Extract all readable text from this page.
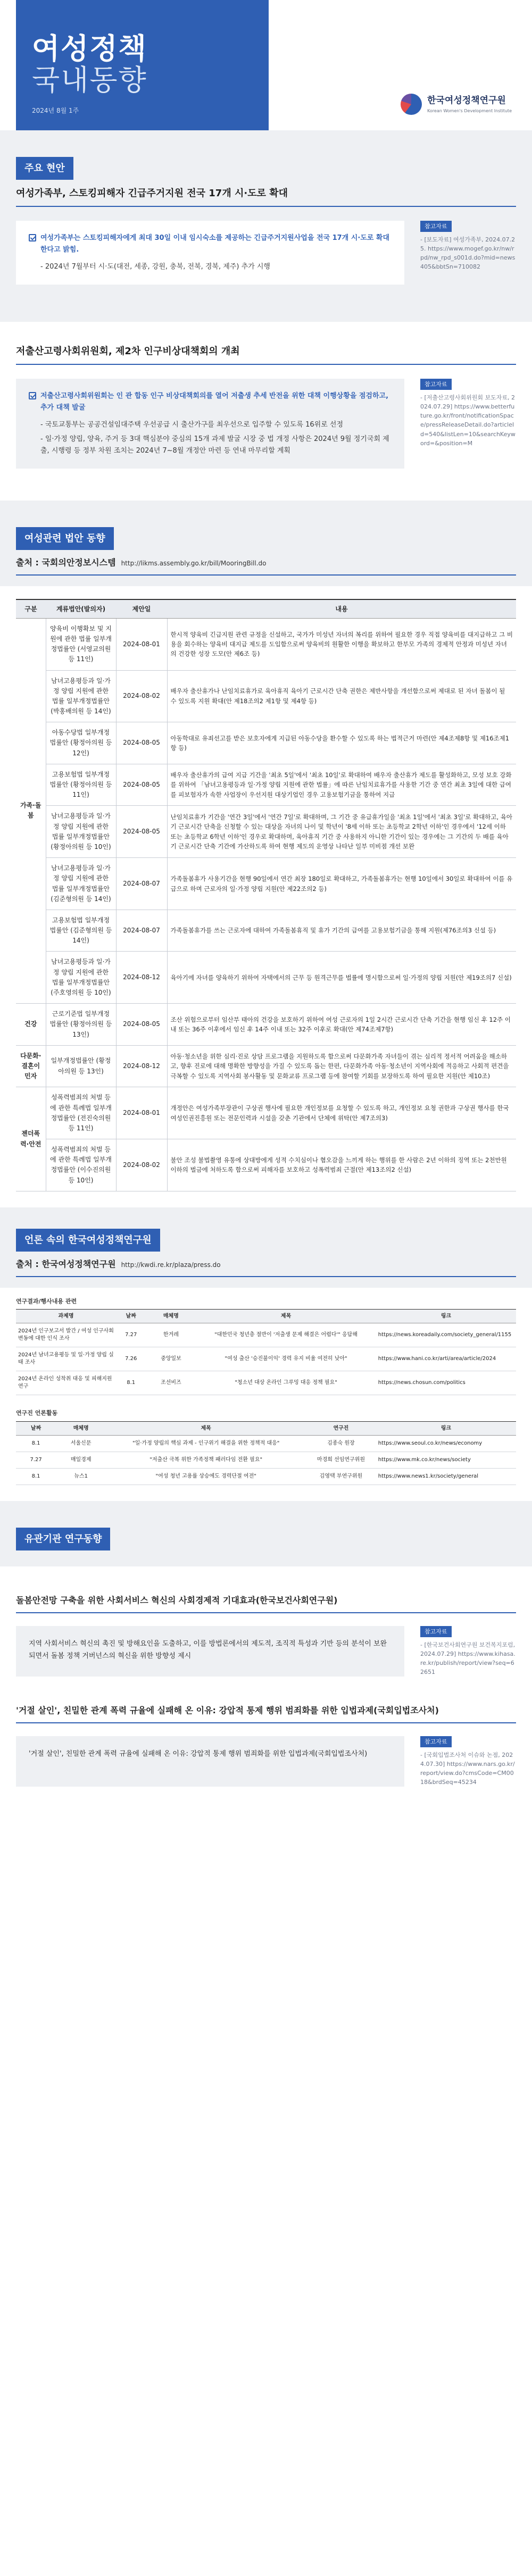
여성정책
국내동향
2024년 8월 1주
한국여성정책연구원
Korean Women's Development Institute
주요 현안
여성가족부, 스토킹피해자 긴급주거지원 전국 17개 시·도로 확대
여성가족부는 스토킹피해자에게 최대 30일 이내 임시숙소를 제공하는 긴급주거지원사업을 전국 17개 시·도로 확대한다고 밝힘.
- 2024년 7월부터 시·도(대전, 세종, 강원, 충북, 전북, 경북, 제주) 추가 시행
참고자료
- [보도자료] 여성가족부, 2024.07.25. https://www.mogef.go.kr/nw/rpd/nw_rpd_s001d.do?mid=news405&bbtSn=710082
저출산고령사회위원회, 제2차 인구비상대책회의 개최
저출산고령사회위원회는 인 관 합동 인구 비상대책회의를 열어 저출생 추세 반전을 위한 대책 이행상황을 점검하고, 추가 대책 발굴
- 국토교통부는 공공건설임대주택 우선공급 시 출산가구를 최우선으로 입주할 수 있도록 16위로 선정
- 일·가정 양립, 양육, 주거 등 3대 핵심분야 중심의 15개 과제 발굴 시장 중 법 개정 사항은 2024년 9월 정기국회 제출, 시행령 등 정부 차원 조치는 2024년 7~8월 개정안 마련 등 연내 마무리할 계획
참고자료
- [저출산고령사회위원회 보도자료, 2024.07.29] https://www.betterfuture.go.kr/front/notificationSpace/pressReleaseDetail.do?articleId=540&listLen=10&searchKeyword=&position=M
여성관련 법안 동향
출처 : 국회의안정보시스템 http://likms.assembly.go.kr/bill/MooringBill.do
구분	계류법안(발의자)	제안일	내용
가족·돌봄	양육비 이행확보 및 지원에 관한 법률 일부개정법률안 (서영교의원 등 11인)	2024-08-01	한시적 양육비 긴급지원 관련 규정을 신설하고, 국가가 미성년 자녀의 복리를 위하여 필요한 경우 직접 양육비를 대지급하고 그 비용을 회수하는 양육비 대지급 제도를 도입함으로써 양육비의 원활한 이행을 확보하고 한부모 가족의 경제적 안정과 미성년 자녀의 건강한 성장 도모(안 제6조 등)
	남녀고용평등과 일·가정 양립 지원에 관한 법률 일부개정법률안 (박홍배의원 등 14인)	2024-08-02	배우자 출산휴가나 난임치료휴가로 육아휴직 육아기 근로시간 단축 권한은 제반사항을 개선함으로써 제대로 된 자녀 돌봄이 될 수 있도록 지원 확대(안 제18조의2 제1항 및 제4항 등)
	아동수당법 일부개정법률안 (황정아의원 등 12인)	2024-08-05	아동학대로 유죄선고를 받은 보호자에게 지급된 아동수당을 환수할 수 있도록 하는 법적근거 마련(안 제4조제8항 및 제16조제1항 등)
	고용보험법 일부개정법률안 (황정아의원 등 11인)	2024-08-05	배우자 출산휴가의 급여 지급 기간을 '최초 5일'에서 '최초 10일'로 확대하여 배우자 출산휴가 제도를 활성화하고, 모성 보호 강화를 위하여 「남녀고용평등과 일·가정 양립 지원에 관한 법률」에 따른 난임치료휴가를 사용한 기간 중 연간 최초 3일에 대한 급여를 피보험자가 속한 사업장이 우선지원 대상기업인 경우 고용보험기금을 통하여 지급
	남녀고용평등과 일·가정 양립 지원에 관한 법률 일부개정법률안 (황정아의원 등 10인)	2024-08-05	난임치료휴가 기간을 '연간 3일'에서 '연간 7일'로 확대하며, 그 기간 중 유급휴가일을 '최초 1일'에서 '최초 3일'로 확대하고, 육아기 근로시간 단축을 신청할 수 있는 대상을 자녀의 나이 및 학년이 '8세 이하 또는 초등학교 2학년 이하'인 경우에서 '12세 이하 또는 초등학교 6학년 이하'인 경우로 확대하며, 육아휴직 기간 중 사용하지 아니한 기간이 있는 경우에는 그 기간의 두 배를 육아기 근로시간 단축 기간에 가산하도록 하여 현행 제도의 운영상 나타난 일부 미비점 개선 보완
	남녀고용평등과 일·가정 양립 지원에 관한 법률 일부개정법률안 (김준형의원 등 14인)	2024-08-07	가족돌봄휴가 사용기간을 현행 90일에서 연간 최장 180일로 확대하고, 가족돌봄휴가는 현행 10일에서 30일로 확대하여 이를 유급으로 하며 근로자의 일·가정 양립 지원(안 제22조의2 등)
	고용보험법 일부개정법률안 (김준형의원 등 14인)	2024-08-07	가족돌봄휴가를 쓰는 근로자에 대하여 가족돌봄휴직 및 휴가 기간의 급여를 고용보험기금을 통해 지원(제76조의3 신설 등)
	남녀고용평등과 일·가정 양립 지원에 관한 법률 일부개정법률안 (주호영의원 등 10인)	2024-08-12	육아기에 자녀를 양육하기 위하여 자택에서의 근무 등 원격근무를 법률에 명시함으로써 일·가정의 양립 지원(안 제19조의7 신설)
건강	근로기준법 일부개정법률안 (황정아의원 등 13인)	2024-08-05	조산 위험으로부터 임산부 태아의 건강을 보호하기 위하여 여성 근로자의 1일 2시간 근로시간 단축 기간을 현행 임신 후 12주 이내 또는 36주 이후에서 임신 후 14주 이내 또는 32주 이후로 확대(안 제74조제7항)
다문화·결혼이민자	일부개정법률안 (황정아의원 등 13인)	2024-08-12	아동·청소년을 위한 심리·진로 상담 프로그램을 지원하도록 함으로써 다문화가족 자녀들이 겪는 심리적 정서적 어려움을 해소하고, 향후 진로에 대해 명확한 방향성을 가질 수 있도록 돕는 한편, 다문화가족 아동·청소년이 지역사회에 적응하고 사회적 편견을 극복할 수 있도록 지역사회 봉사활동 및 문화교류 프로그램 등에 참여할 기회를 보장하도록 하여 필요한 지원(안 제10조)
젠더폭력·안전	성폭력범죄의 처벌 등에 관한 특례법 일부개정법률안 (전진숙의원 등 11인)	2024-08-01	개정안은 여성가족부장관이 구상권 행사에 필요한 개인정보를 요청할 수 있도록 하고, 개인정보 요청 권한과 구상권 행사를 한국여성인권진흥원 또는 전문인력과 시설을 갖춘 기관에서 단체에 위탁(안 제7조의3)
	성폭력범죄의 처벌 등에 관한 특례법 일부개정법률안 (이수진의원 등 10인)	2024-08-02	불안 조성 불법촬영 유통에 상대방에게 성적 수치심이나 혐오감을 느끼게 하는 행위를 한 사람은 2년 이하의 징역 또는 2천만원 이하의 벌금에 처하도록 함으로써 피해자를 보호하고 성폭력범죄 근절(안 제13조의2 신설)
언론 속의 한국여성정책연구원
출처 : 한국여성정책연구원 http://kwdi.re.kr/plaza/press.do
연구결과/행사내용 관련
과제명	날짜	매체명	제목	링크
2024년 인구보고서 발간 / 여성 인구사회 변동에 대한 인식 조사	7.27	한겨레	"대한민국 청년층 절반이 '저출생 문제 해결은 어렵다'" 응답해	https://news.koreadaily.com/society_general/1155
2024년 남녀고용평등 및 일·가정 양립 실태 조사	7.26	중앙일보	"여성 출산 '승진불이익' 경력 유지 비율 여전히 낮아"	https://www.hani.co.kr/arti/area/article/2024
2024년 온라인 성착취 대응 및 피해지원 연구	8.1	조선비즈	"청소년 대상 온라인 그루밍 대응 정책 필요"	https://news.chosun.com/politics
연구진 언론활동
날짜	매체명	제목	연구진	링크
8.1	서울신문	"일·가정 양립의 핵심 과제 - 인구위기 해결을 위한 정책적 대응"	김종숙 원장	https://www.seoul.co.kr/news/economy
7.27	매일경제	"저출산 극복 위한 가족정책 패러다임 전환 필요"	마경희 선임연구위원	https://www.mk.co.kr/news/society
8.1	뉴스1	"여성 청년 고용률 상승에도 경력단절 여전"	김영택 부연구위원	https://www.news1.kr/society/general
유관기관 연구동향
돌봄안전망 구축을 위한 사회서비스 혁신의 사회경제적 기대효과(한국보건사회연구원)
지역 사회서비스 혁신의 촉진 및 방해요인을 도출하고, 이를 방법론에서의 제도적, 조직적 특성과 기반 등의 분석이 보완 되면서 돌봄 정책 거버넌스의 혁신을 위한 방향성 제시
참고자료
- [한국보건사회연구원 보건복지포럼, 2024.07.29] https://www.kihasa.re.kr/publish/report/view?seq=62651
'거절 살인', 친밀한 관계 폭력 규율에 실패해 온 이유: 강압적 통제 행위 범죄화를 위한 입법과제(국회입법조사처)
'거절 살인', 친밀한 관계 폭력 규율에 실패해 온 이유: 강압적 통제 행위 범죄화를 위한 입법과제(국회입법조사처)
참고자료
- [국회입법조사처 이슈와 논점, 2024.07.30] https://www.nars.go.kr/report/view.do?cmsCode=CM0018&brdSeq=45234
